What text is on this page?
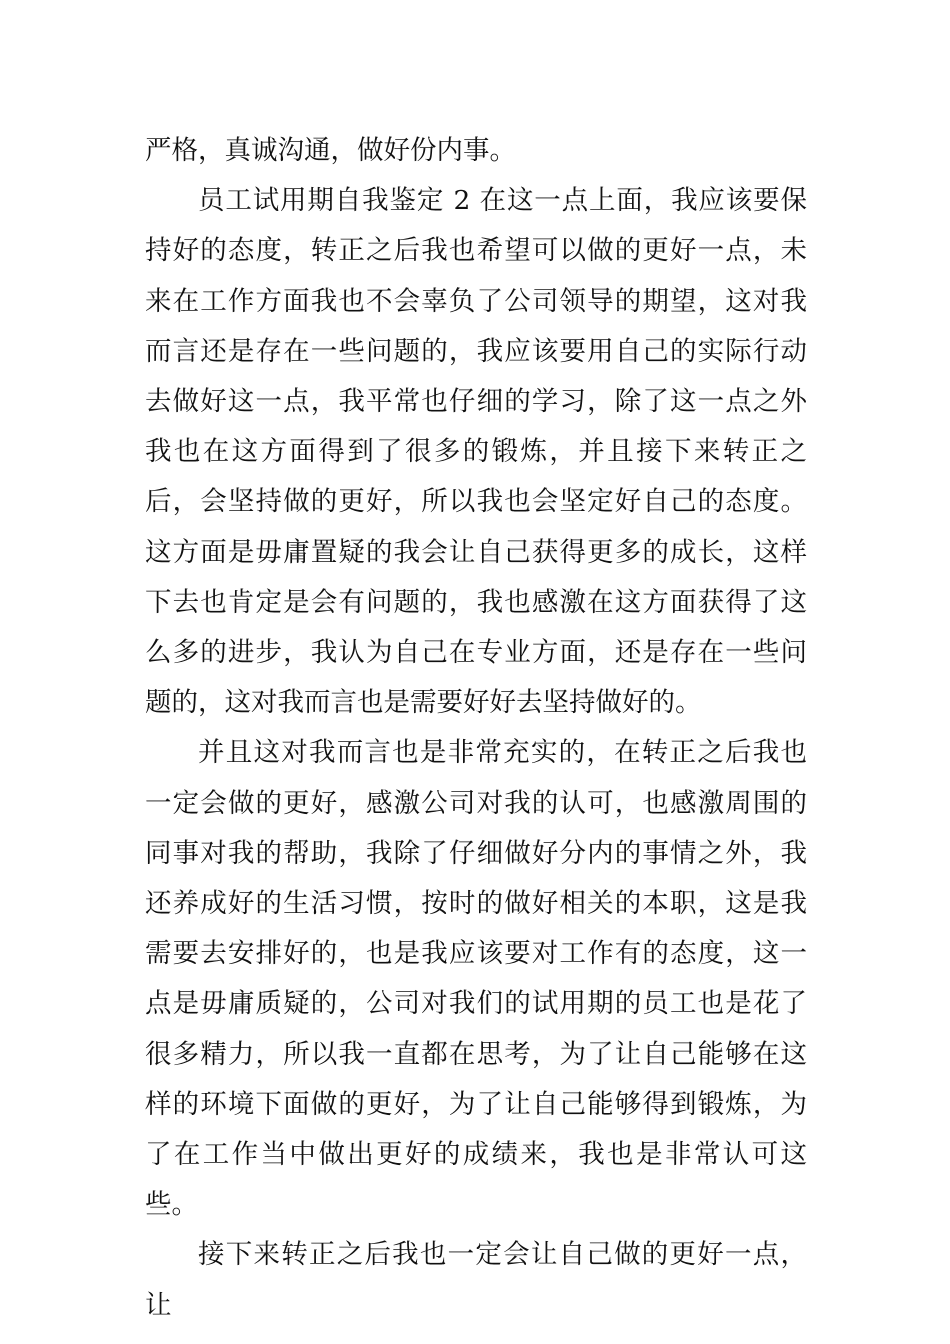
严格，真诚沟通，做好份内事。

员工试用期自我鉴定 2 在这一点上面，我应该要保持好的态度，转正之后我也希望可以做的更好一点，未来在工作方面我也不会辜负了公司领导的期望，这对我而言还是存在一些问题的，我应该要用自己的实际行动去做好这一点，我平常也仔细的学习，除了这一点之外我也在这方面得到了很多的锻炼，并且接下来转正之后，会坚持做的更好，所以我也会坚定好自己的态度。这方面是毋庸置疑的我会让自己获得更多的成长，这样下去也肯定是会有问题的，我也感激在这方面获得了这么多的进步，我认为自己在专业方面，还是存在一些问题的，这对我而言也是需要好好去坚持做好的。

并且这对我而言也是非常充实的，在转正之后我也一定会做的更好，感激公司对我的认可，也感激周围的同事对我的帮助，我除了仔细做好分内的事情之外，我还养成好的生活习惯，按时的做好相关的本职，这是我需要去安排好的，也是我应该要对工作有的态度，这一点是毋庸质疑的，公司对我们的试用期的员工也是花了很多精力，所以我一直都在思考，为了让自己能够在这样的环境下面做的更好，为了让自己能够得到锻炼，为了在工作当中做出更好的成绩来，我也是非常认可这些。

接下来转正之后我也一定会让自己做的更好一点，让
